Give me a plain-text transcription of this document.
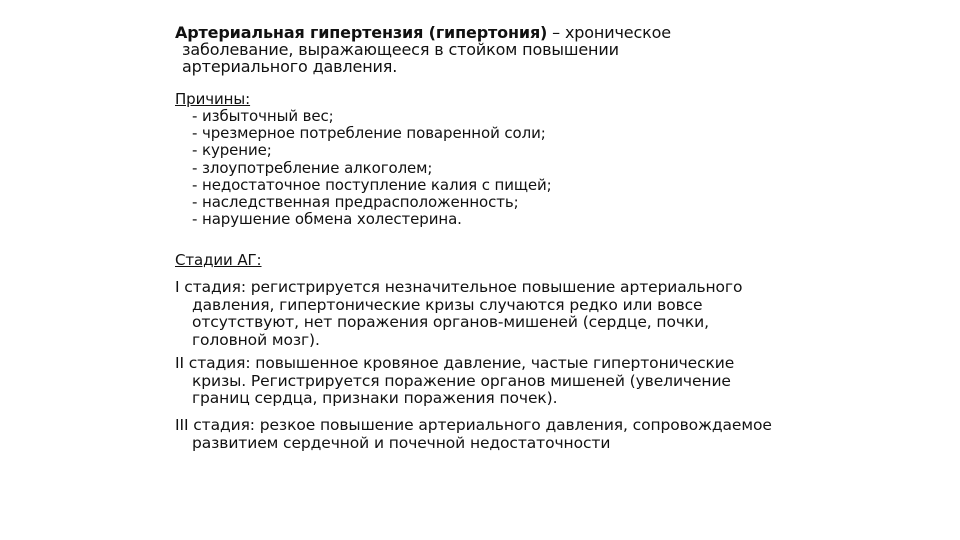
Артериальная гипертензия (гипертония) – хроническое
заболевание, выражающееся в стойком повышении
артериального давления.

Причины:

- избыточный вес;
- чрезмерное потребление поваренной соли;
- курение;
- злоупотребление алкоголем;
- недостаточное поступление калия с пищей;
- наследственная предрасположенность;
- нарушение обмена холестерина.

Стадии АГ:

I стадия: регистрируется незначительное повышение артериального
давления, гипертонические кризы случаются редко или вовсе
отсутствуют, нет поражения органов-мишеней (сердце, почки,
головной мозг).

II стадия: повышенное кровяное давление, частые гипертонические
кризы. Регистрируется поражение органов мишеней (увеличение
границ сердца, признаки поражения почек).

III стадия: резкое повышение артериального давления, сопровождаемое
развитием сердечной и почечной недостаточности
